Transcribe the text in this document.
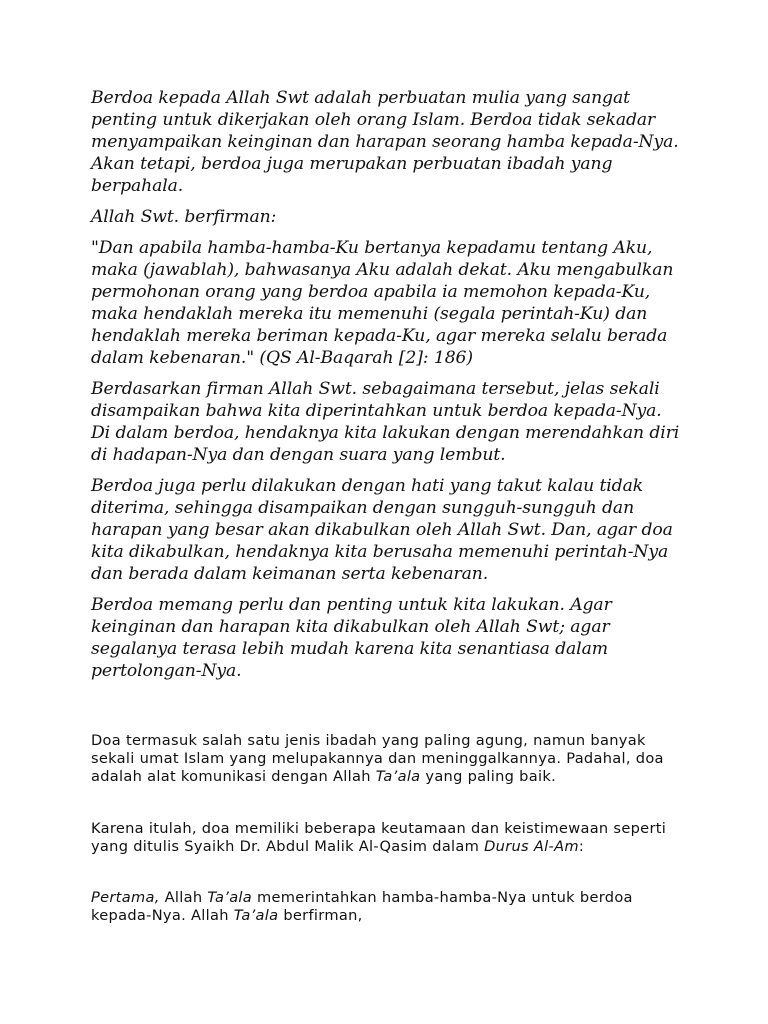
Berdoa kepada Allah Swt adalah perbuatan mulia yang sangat penting untuk dikerjakan oleh orang Islam. Berdoa tidak sekadar menyampaikan keinginan dan harapan seorang hamba kepada-Nya. Akan tetapi, berdoa juga merupakan perbuatan ibadah yang berpahala.

Allah Swt. berfirman:

"Dan apabila hamba-hamba-Ku bertanya kepadamu tentang Aku, maka (jawablah), bahwasanya Aku adalah dekat. Aku mengabulkan permohonan orang yang berdoa apabila ia memohon kepada-Ku, maka hendaklah mereka itu memenuhi (segala perintah-Ku) dan hendaklah mereka beriman kepada-Ku, agar mereka selalu berada dalam kebenaran." (QS Al-Baqarah [2]: 186)

Berdasarkan firman Allah Swt. sebagaimana tersebut, jelas sekali disampaikan bahwa kita diperintahkan untuk berdoa kepada-Nya. Di dalam berdoa, hendaknya kita lakukan dengan merendahkan diri di hadapan-Nya dan dengan suara yang lembut.

Berdoa juga perlu dilakukan dengan hati yang takut kalau tidak diterima, sehingga disampaikan dengan sungguh-sungguh dan harapan yang besar akan dikabulkan oleh Allah Swt. Dan, agar doa kita dikabulkan, hendaknya kita berusaha memenuhi perintah-Nya dan berada dalam keimanan serta kebenaran.

Berdoa memang perlu dan penting untuk kita lakukan. Agar keinginan dan harapan kita dikabulkan oleh Allah Swt; agar segalanya terasa lebih mudah karena kita senantiasa dalam pertolongan-Nya.

Doa termasuk salah satu jenis ibadah yang paling agung, namun banyak sekali umat Islam yang melupakannya dan meninggalkannya. Padahal, doa adalah alat komunikasi dengan Allah Ta’ala yang paling baik.

Karena itulah, doa memiliki beberapa keutamaan dan keistimewaan seperti yang ditulis Syaikh Dr. Abdul Malik Al-Qasim dalam Durus Al-Am:

Pertama, Allah Ta’ala memerintahkan hamba-hamba-Nya untuk berdoa kepada-Nya. Allah Ta’ala berfirman,
